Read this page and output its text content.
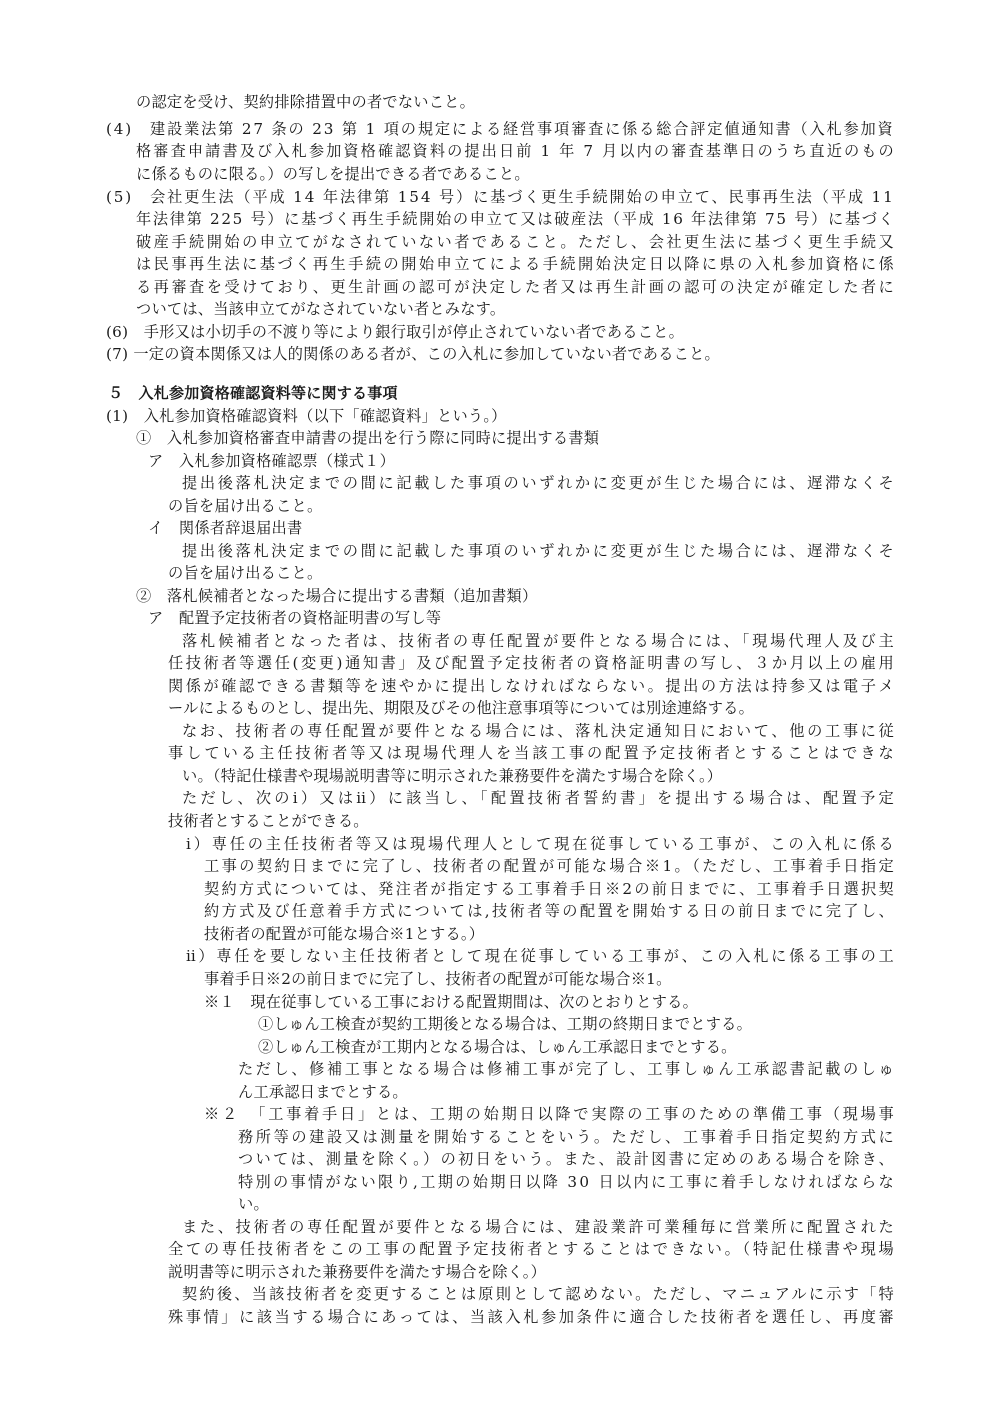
の認定を受け、契約排除措置中の者でないこと。
(4)　建設業法第 27 条の 23 第 1 項の規定による経営事項審査に係る総合評定値通知書（入札参加資
格審査申請書及び入札参加資格確認資料の提出日前 1 年 7 月以内の審査基準日のうち直近のもの
に係るものに限る。）の写しを提出できる者であること。
(5)　会社更生法（平成 14 年法律第 154 号）に基づく更生手続開始の申立て、民事再生法（平成 11
年法律第 225 号）に基づく再生手続開始の申立て又は破産法（平成 16 年法律第 75 号）に基づく
破産手続開始の申立てがなされていない者であること。ただし、会社更生法に基づく更生手続又
は民事再生法に基づく再生手続の開始申立てによる手続開始決定日以降に県の入札参加資格に係
る再審査を受けており、更生計画の認可が決定した者又は再生計画の認可の決定が確定した者に
ついては、当該申立てがなされていない者とみなす。
(6)　手形又は小切手の不渡り等により銀行取引が停止されていない者であること。
(7) 一定の資本関係又は人的関係のある者が、この入札に参加していない者であること。
５　入札参加資格確認資料等に関する事項
(1)　入札参加資格確認資料（以下「確認資料」という。）
①　入札参加資格審査申請書の提出を行う際に同時に提出する書類
ア　入札参加資格確認票（様式１）
提出後落札決定までの間に記載した事項のいずれかに変更が生じた場合には、遅滞なくそ
の旨を届け出ること。
イ　関係者辞退届出書
提出後落札決定までの間に記載した事項のいずれかに変更が生じた場合には、遅滞なくそ
の旨を届け出ること。
②　落札候補者となった場合に提出する書類（追加書類）
ア　配置予定技術者の資格証明書の写し等
落札候補者となった者は、技術者の専任配置が要件となる場合には、「現場代理人及び主
任技術者等選任(変更)通知書」及び配置予定技術者の資格証明書の写し、３か月以上の雇用
関係が確認できる書類等を速やかに提出しなければならない。提出の方法は持参又は電子メ
ールによるものとし、提出先、期限及びその他注意事項等については別途連絡する。
なお、技術者の専任配置が要件となる場合には、落札決定通知日において、他の工事に従
事している主任技術者等又は現場代理人を当該工事の配置予定技術者とすることはできな
い。（特記仕様書や現場説明書等に明示された兼務要件を満たす場合を除く。）
ただし、次のⅰ）又はⅱ）に該当し、「配置技術者誓約書」を提出する場合は、配置予定
技術者とすることができる。
ⅰ）専任の主任技術者等又は現場代理人として現在従事している工事が、この入札に係る
工事の契約日までに完了し、技術者の配置が可能な場合※1。（ただし、工事着手日指定
契約方式については、発注者が指定する工事着手日※2の前日までに、工事着手日選択契
約方式及び任意着手方式については,技術者等の配置を開始する日の前日までに完了し、
技術者の配置が可能な場合※1とする。）
ⅱ）専任を要しない主任技術者として現在従事している工事が、この入札に係る工事の工
事着手日※2の前日までに完了し、技術者の配置が可能な場合※1。
※１　現在従事している工事における配置期間は、次のとおりとする。
①しゅん工検査が契約工期後となる場合は、工期の終期日までとする。
②しゅん工検査が工期内となる場合は、しゅん工承認日までとする。
ただし、修補工事となる場合は修補工事が完了し、工事しゅん工承認書記載のしゅ
ん工承認日までとする。
※２　「工事着手日」とは、工期の始期日以降で実際の工事のための準備工事（現場事
務所等の建設又は測量を開始することをいう。ただし、工事着手日指定契約方式に
ついては、測量を除く。）の初日をいう。また、設計図書に定めのある場合を除き、
特別の事情がない限り,工期の始期日以降 30 日以内に工事に着手しなければならな
い。
また、技術者の専任配置が要件となる場合には、建設業許可業種毎に営業所に配置された
全ての専任技術者をこの工事の配置予定技術者とすることはできない。（特記仕様書や現場
説明書等に明示された兼務要件を満たす場合を除く。）
契約後、当該技術者を変更することは原則として認めない。ただし、マニュアルに示す「特
殊事情」に該当する場合にあっては、当該入札参加条件に適合した技術者を選任し、再度審
